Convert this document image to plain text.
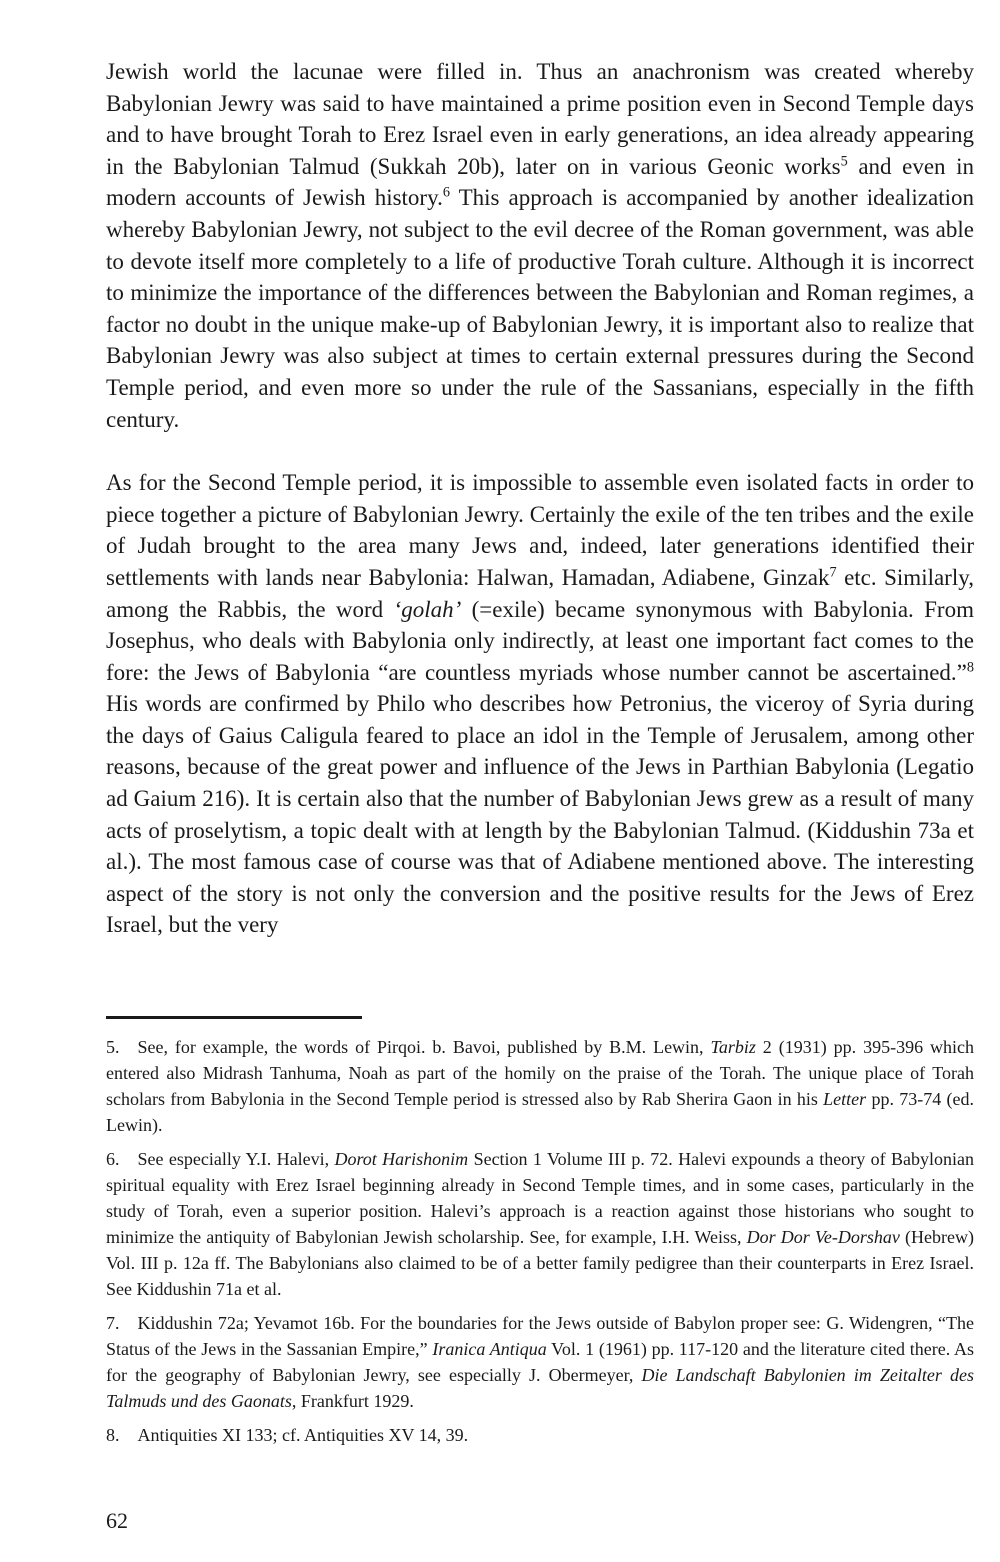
Jewish world the lacunae were filled in. Thus an anachronism was created whereby Babylonian Jewry was said to have maintained a prime position even in Second Temple days and to have brought Torah to Erez Israel even in early generations, an idea already appearing in the Babylonian Talmud (Sukkah 20b), later on in various Geonic works$^5$ and even in modern accounts of Jewish history.$^6$ This approach is accompanied by another idealization whereby Babylonian Jewry, not subject to the evil decree of the Roman government, was able to devote itself more completely to a life of productive Torah culture. Although it is incorrect to minimize the importance of the differences between the Babylonian and Roman regimes, a factor no doubt in the unique make-up of Babylonian Jewry, it is important also to realize that Babylonian Jewry was also subject at times to certain external pressures during the Second Temple period, and even more so under the rule of the Sassanians, especially in the fifth century.

As for the Second Temple period, it is impossible to assemble even isolated facts in order to piece together a picture of Babylonian Jewry. Certainly the exile of the ten tribes and the exile of Judah brought to the area many Jews and, indeed, later generations identified their settlements with lands near Babylonia: Halwan, Hamadan, Adiabene, Ginzak$^7$ etc. Similarly, among the Rabbis, the word ‘golah’ (=exile) became synonymous with Babylonia. From Josephus, who deals with Babylonia only indirectly, at least one important fact comes to the fore: the Jews of Babylonia “are countless myriads whose number cannot be ascertained.”$^8$ His words are confirmed by Philo who describes how Petronius, the viceroy of Syria during the days of Gaius Caligula feared to place an idol in the Temple of Jerusalem, among other reasons, because of the great power and influence of the Jews in Parthian Babylonia (Legatio ad Gaium 216). It is certain also that the number of Babylonian Jews grew as a result of many acts of proselytism, a topic dealt with at length by the Babylonian Talmud. (Kiddushin 73a et al.). The most famous case of course was that of Adiabene mentioned above. The interesting aspect of the story is not only the conversion and the positive results for the Jews of Erez Israel, but the very

5. See, for example, the words of Pirqoi. b. Bavoi, published by B.M. Lewin, Tarbiz 2 (1931) pp. 395-396 which entered also Midrash Tanhuma, Noah as part of the homily on the praise of the Torah. The unique place of Torah scholars from Babylonia in the Second Temple period is stressed also by Rab Sherira Gaon in his Letter pp. 73-74 (ed. Lewin).

6. See especially Y.I. Halevi, Dorot Harishonim Section 1 Volume III p. 72. Halevi expounds a theory of Babylonian spiritual equality with Erez Israel beginning already in Second Temple times, and in some cases, particularly in the study of Torah, even a superior position. Halevi’s approach is a reaction against those historians who sought to minimize the antiquity of Babylonian Jewish scholarship. See, for example, I.H. Weiss, Dor Dor Ve-Dorshav (Hebrew) Vol. III p. 12a ff. The Babylonians also claimed to be of a better family pedigree than their counterparts in Erez Israel. See Kiddushin 71a et al.

7. Kiddushin 72a; Yevamot 16b. For the boundaries for the Jews outside of Babylon proper see: G. Widengren, “The Status of the Jews in the Sassanian Empire,” Iranica Antiqua Vol. 1 (1961) pp. 117-120 and the literature cited there. As for the geography of Babylonian Jewry, see especially J. Obermeyer, Die Landschaft Babylonien im Zeitalter des Talmuds und des Gaonats, Frankfurt 1929.

8. Antiquities XI 133; cf. Antiquities XV 14, 39.

62
